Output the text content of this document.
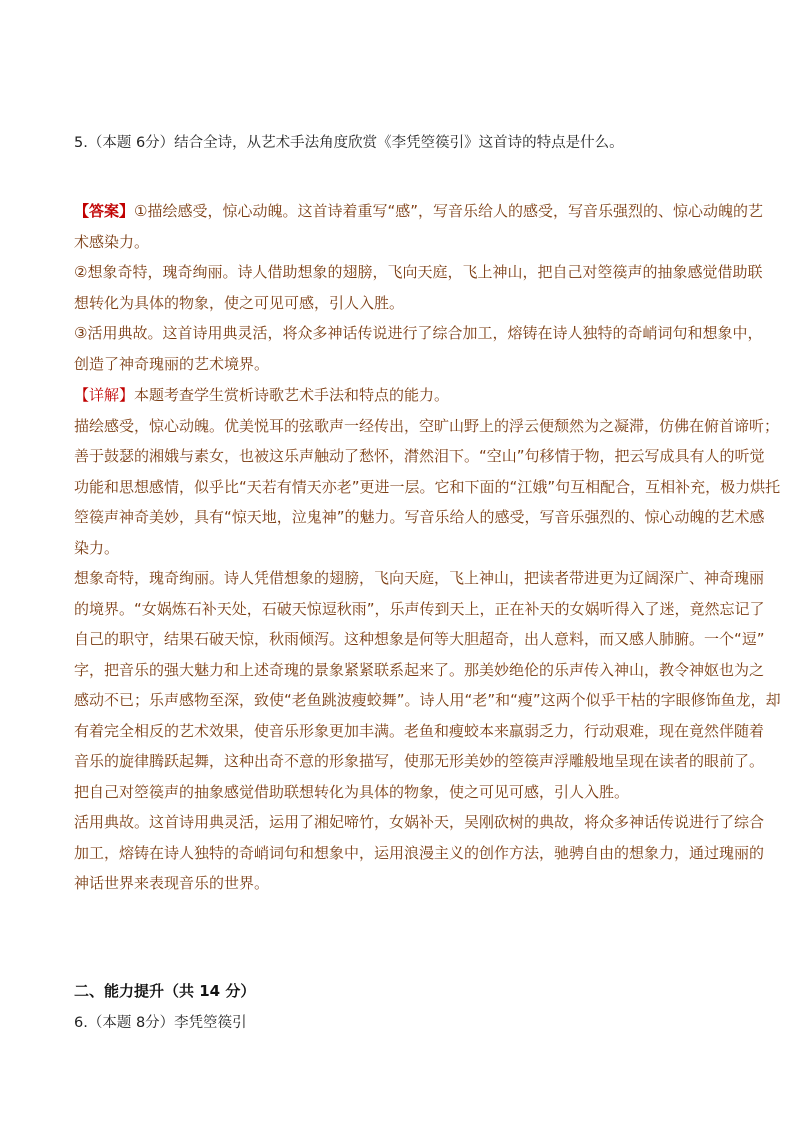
5.（本题 6分）结合全诗，从艺术手法角度欣赏《李凭箜篌引》这首诗的特点是什么。
【答案】①描绘感受，惊心动魄。这首诗着重写“感”，写音乐给人的感受，写音乐强烈的、惊心动魄的艺
术感染力。
②想象奇特，瑰奇绚丽。诗人借助想象的翅膀，飞向天庭，飞上神山，把自己对箜篌声的抽象感觉借助联
想转化为具体的物象，使之可见可感，引人入胜。
③活用典故。这首诗用典灵活，将众多神话传说进行了综合加工，熔铸在诗人独特的奇峭词句和想象中，
创造了神奇瑰丽的艺术境界。
【详解】本题考查学生赏析诗歌艺术手法和特点的能力。
描绘感受，惊心动魄。优美悦耳的弦歌声一经传出，空旷山野上的浮云便颓然为之凝滞，仿佛在俯首谛听；
善于鼓瑟的湘娥与素女，也被这乐声触动了愁怀，潸然泪下。“空山”句移情于物，把云写成具有人的听觉
功能和思想感情，似乎比“天若有情天亦老”更进一层。它和下面的“江娥”句互相配合，互相补充，极力烘托
箜篌声神奇美妙，具有“惊天地，泣鬼神”的魅力。写音乐给人的感受，写音乐强烈的、惊心动魄的艺术感
染力。
想象奇特，瑰奇绚丽。诗人凭借想象的翅膀，飞向天庭，飞上神山，把读者带进更为辽阔深广、神奇瑰丽
的境界。“女娲炼石补天处，石破天惊逗秋雨”，乐声传到天上，正在补天的女娲听得入了迷，竟然忘记了
自己的职守，结果石破天惊，秋雨倾泻。这种想象是何等大胆超奇，出人意料，而又感人肺腑。一个“逗”
字，把音乐的强大魅力和上述奇瑰的景象紧紧联系起来了。那美妙绝伦的乐声传入神山，教令神妪也为之
感动不已；乐声感物至深，致使“老鱼跳波瘦蛟舞”。诗人用“老”和“瘦”这两个似乎干枯的字眼修饰鱼龙，却
有着完全相反的艺术效果，使音乐形象更加丰满。老鱼和瘦蛟本来羸弱乏力，行动艰难，现在竟然伴随着
音乐的旋律腾跃起舞，这种出奇不意的形象描写，使那无形美妙的箜篌声浮雕般地呈现在读者的眼前了。
把自己对箜篌声的抽象感觉借助联想转化为具体的物象，使之可见可感，引人入胜。
活用典故。这首诗用典灵活，运用了湘妃啼竹，女娲补天，吴刚砍树的典故，将众多神话传说进行了综合
加工，熔铸在诗人独特的奇峭词句和想象中，运用浪漫主义的创作方法，驰骋自由的想象力，通过瑰丽的
神话世界来表现音乐的世界。
二、能力提升（共 14 分）
6.（本题 8分）李凭箜篌引
